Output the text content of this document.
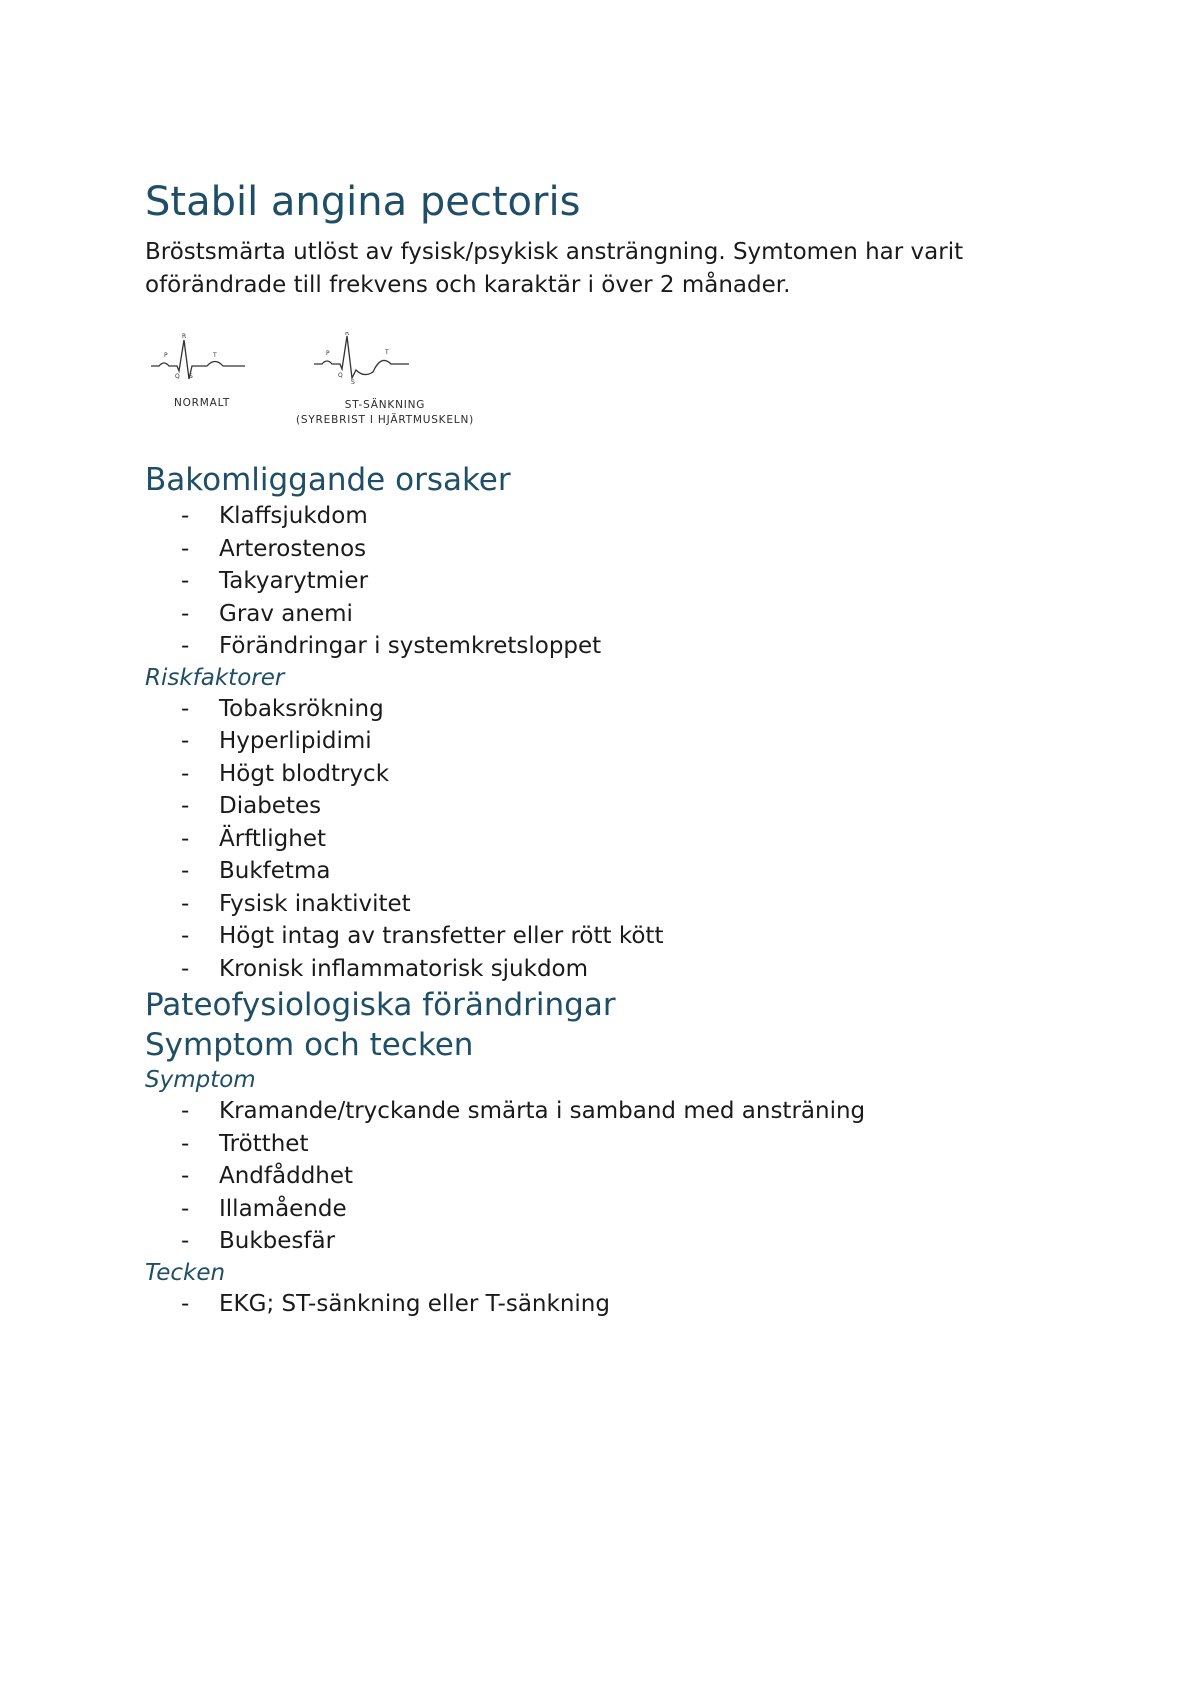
Stabil angina pectoris

Bröstsmärta utlöst av fysisk/psykisk ansträngning. Symtomen har varit
oförändrade till frekvens och karaktär i över 2 månader.

P
R
T
Q S
P
R
T
Q
S
NORMALT	ST-SÄNKNING
(SYREBRIST I HJÄRTMUSKELN)
Bakomliggande orsaker
- Klaffsjukdom
- Arterostenos
- Takyarytmier
- Grav anemi
- Förändringar i systemkretsloppet
Riskfaktorer
- Tobaksrökning
- Hyperlipidimi
- Högt blodtryck
- Diabetes
- Ärftlighet
- Bukfetma
- Fysisk inaktivitet
- Högt intag av transfetter eller rött kött
- Kronisk inflammatorisk sjukdom
Pateofysiologiska förändringar
Symptom och tecken
Symptom
- Kramande/tryckande smärta i samband med ansträning
- Trötthet
- Andfåddhet
- Illamående
- Bukbesfär
Tecken
- EKG; ST-sänkning eller T-sänkning
